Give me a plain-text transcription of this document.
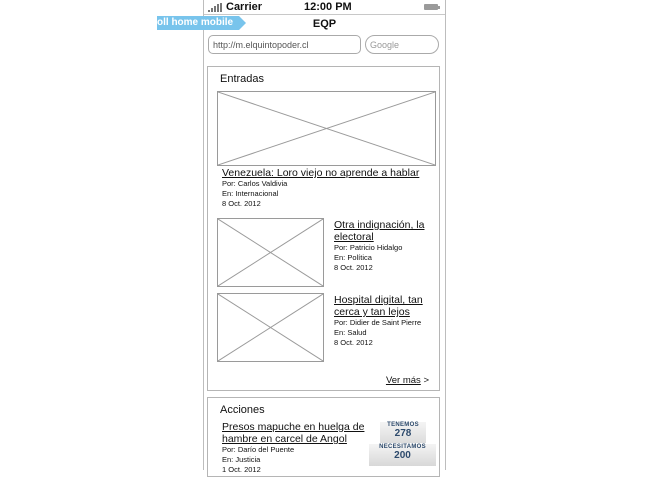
Carrier	12:00 PM
EQP
http://m.elquintopoder.cl	Google
Entradas
Venezuela: Loro viejo no aprende a hablar
Por: Carlos Valdivia
En: Internacional
8 Oct. 2012
Otra indignación, la
electoral
Por: Patricio Hidalgo
En: Política
8 Oct. 2012
Hospital digital, tan
cerca y tan lejos
Por: Didier de Saint Pierre
En: Salud
8 Oct. 2012
Ver más >
Acciones
Presos mapuche en huelga de
hambre en carcel de Angol
Por: Darío del Puente
En: Justicia
1 Oct. 2012
TENEMOS
278
NECESITAMOS
200
oll home mobile
